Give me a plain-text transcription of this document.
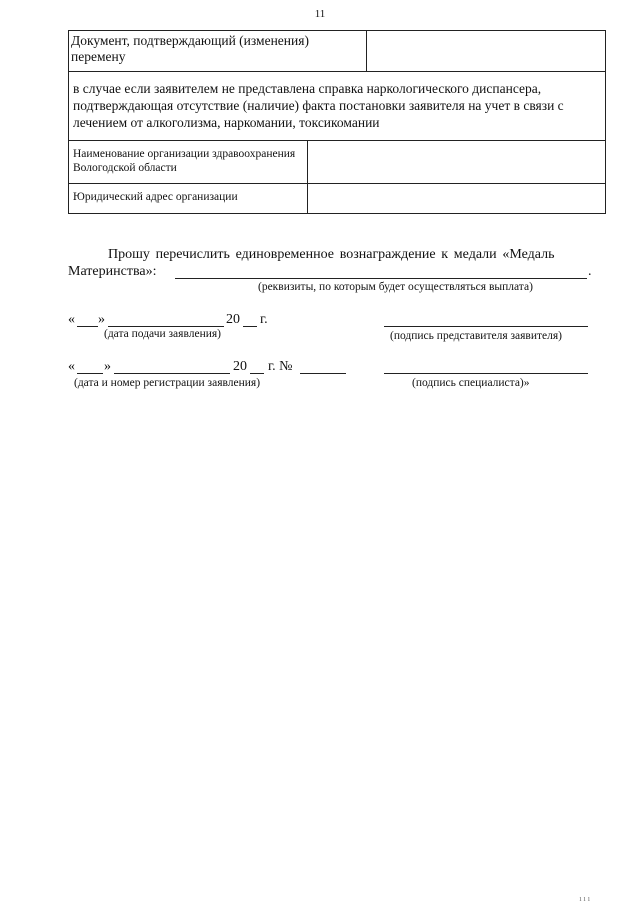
11
Документ, подтверждающий (изменения) перемену
в случае если заявителем не представлена справка наркологического диспансера, подтверждающая отсутствие (наличие) факта постановки заявителя на учет в связи с лечением от алкоголизма, наркомании, токсикомании
Наименование организации здравоохранения Вологодской области
Юридический адрес организации
Прошу перечислить единовременное вознаграждение к медали «Медаль
Материнства»:	.
(реквизиты, по которым будет осуществляться выплата)
« »	20 г.
(дата подачи заявления)	(подпись представителя заявителя)
« »	20 г. №
(дата и номер регистрации заявления)	(подпись специалиста)»
ııı
